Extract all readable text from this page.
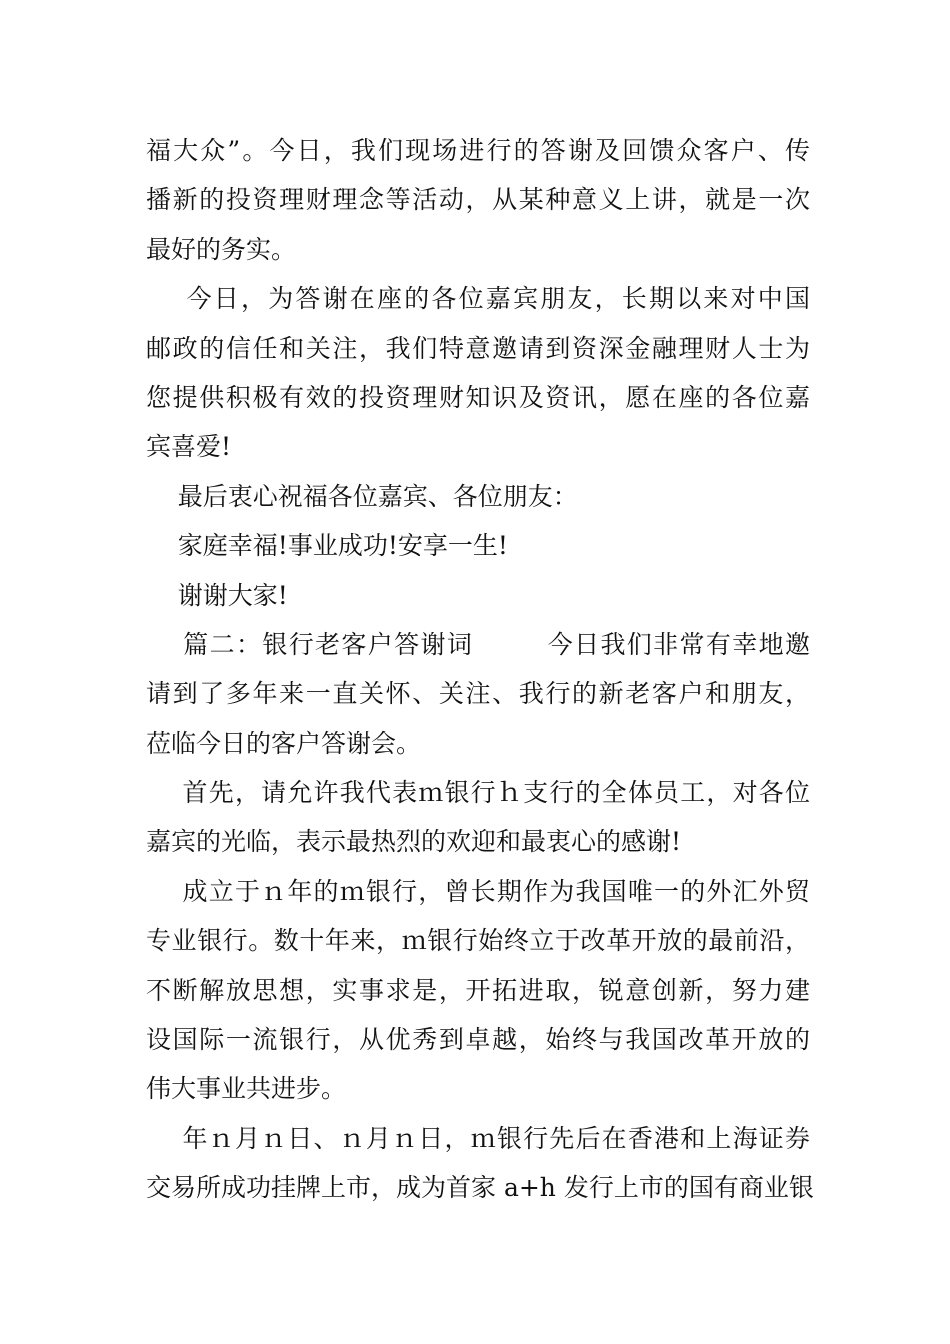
福大众”。今日，我们现场进行的答谢及回馈众客户、传
播新的投资理财理念等活动，从某种意义上讲，就是一次
最好的务实。
今日，为答谢在座的各位嘉宾朋友，长期以来对中国
邮政的信任和关注，我们特意邀请到资深金融理财人士为
您提供积极有效的投资理财知识及资讯，愿在座的各位嘉
宾喜爱!
最后衷心祝福各位嘉宾、各位朋友：
家庭幸福!事业成功!安享一生!
谢谢大家!
篇二：银行老客户答谢词        今日我们非常有幸地邀
请到了多年来一直关怀、关注、我行的新老客户和朋友，
莅临今日的客户答谢会。
首先，请允许我代表ｍ银行ｈ支行的全体员工，对各位
嘉宾的光临，表示最热烈的欢迎和最衷心的感谢!
成立于ｎ年的ｍ银行，曾长期作为我国唯一的外汇外贸
专业银行。数十年来，ｍ银行始终立于改革开放的最前沿，
不断解放思想，实事求是，开拓进取，锐意创新，努力建
设国际一流银行，从优秀到卓越，始终与我国改革开放的
伟大事业共进步。
年ｎ月ｎ日、ｎ月ｎ日，ｍ银行先后在香港和上海证券
交易所成功挂牌上市，成为首家 a+h 发行上市的国有商业银
